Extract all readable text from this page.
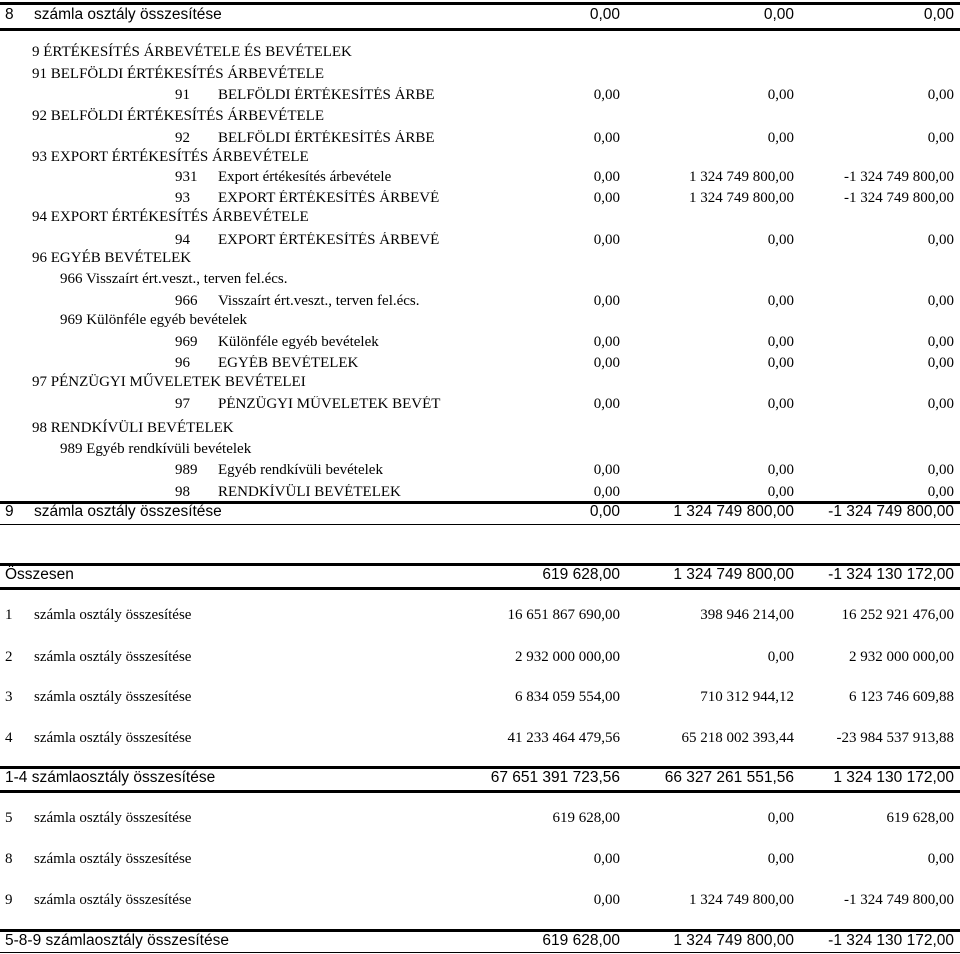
8 számla osztály összesítése	0,00	0,00	0,00
9 ÉRTÉKESÍTÉS ÁRBEVÉTELE ÉS BEVÉTELEK
91 BELFÖLDI ÉRTÉKESÍTÉS ÁRBEVÉTELE
91 BELFÖLDI ÉRTÉKESÍTÉS ÁRBE	0,00	0,00	0,00
92 BELFÖLDI ÉRTÉKESÍTÉS ÁRBEVÉTELE
92 BELFÖLDI ÉRTÉKESÍTÉS ÁRBE	0,00	0,00	0,00
93 EXPORT ÉRTÉKESÍTÉS ÁRBEVÉTELE
931 Export értékesítés árbevétele	0,00	1 324 749 800,00	-1 324 749 800,00
93 EXPORT ÉRTÉKESÍTÉS ÁRBEVÉ	0,00	1 324 749 800,00	-1 324 749 800,00
94 EXPORT ÉRTÉKESÍTÉS ÁRBEVÉTELE
94 EXPORT ÉRTÉKESÍTÉS ÁRBEVÉ	0,00	0,00	0,00
96 EGYÉB BEVÉTELEK
966 Visszaírt ért.veszt., terven fel.écs.
966 Visszaírt ért.veszt., terven fel.écs.	0,00	0,00	0,00
969 Különféle egyéb bevételek
969 Különféle egyéb bevételek	0,00	0,00	0,00
96 EGYÉB BEVÉTELEK	0,00	0,00	0,00
97 PÉNZÜGYI MŰVELETEK BEVÉTELEI
97 PÉNZÜGYI MŰVELETEK BEVÉT	0,00	0,00	0,00
98 RENDKÍVÜLI BEVÉTELEK
989 Egyéb rendkívüli bevételek
989 Egyéb rendkívüli bevételek	0,00	0,00	0,00
98 RENDKÍVÜLI BEVÉTELEK	0,00	0,00	0,00
9 számla osztály összesítése	0,00	1 324 749 800,00 -1 324 749 800,00
Összesen	619 628,00	1 324 749 800,00 -1 324 130 172,00
1 számla osztály összesítése	16 651 867 690,00	398 946 214,00	16 252 921 476,00
2 számla osztály összesítése	2 932 000 000,00	0,00	2 932 000 000,00
3 számla osztály összesítése	6 834 059 554,00	710 312 944,12	6 123 746 609,88
4 számla osztály összesítése	41 233 464 479,56	65 218 002 393,44	-23 984 537 913,88
1-4 számlaosztály összesítése	67 651 391 723,56	66 327 261 551,56	1 324 130 172,00
5 számla osztály összesítése	619 628,00	0,00	619 628,00
8 számla osztály összesítése	0,00	0,00	0,00
9 számla osztály összesítése	0,00	1 324 749 800,00	-1 324 749 800,00
5-8-9 számlaosztály összesítése	619 628,00	1 324 749 800,00 -1 324 130 172,00
